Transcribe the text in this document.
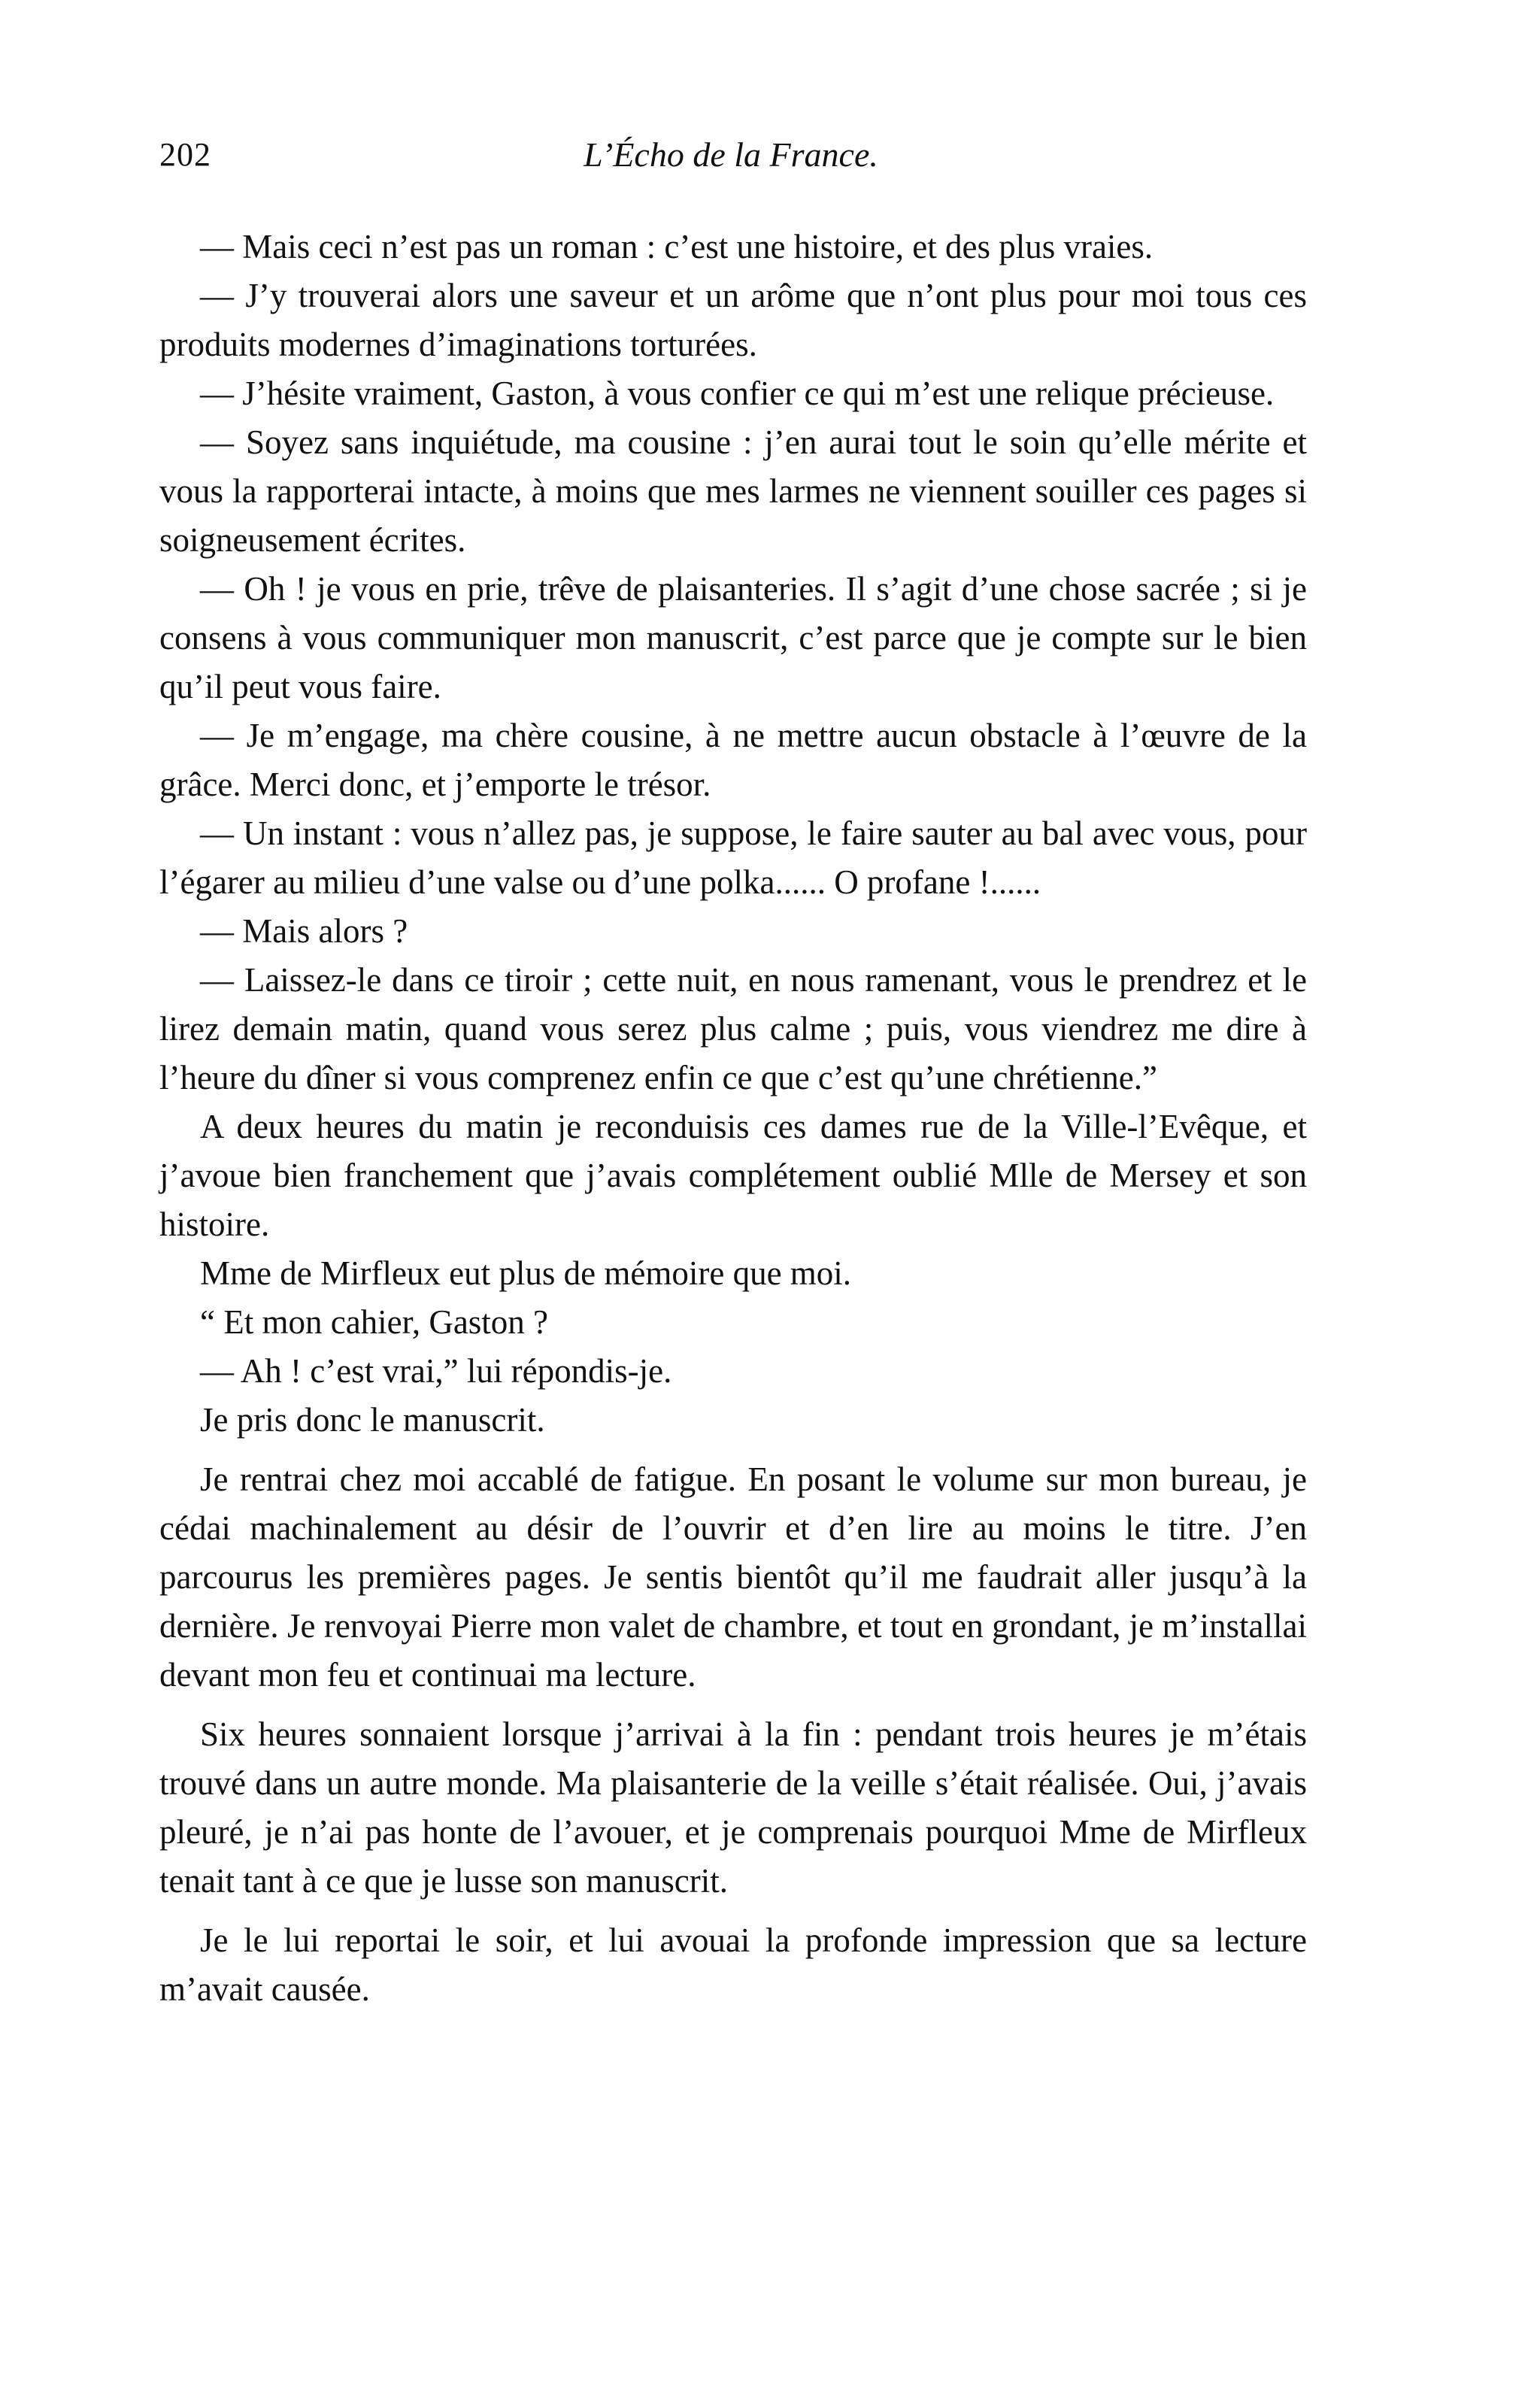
202	L’Écho de la France.

— Mais ceci n’est pas un roman : c’est une histoire, et des plus vraies.

— J’y trouverai alors une saveur et un arôme que n’ont plus pour moi tous ces produits modernes d’imaginations torturées.

— J’hésite vraiment, Gaston, à vous confier ce qui m’est une relique précieuse.

— Soyez sans inquiétude, ma cousine : j’en aurai tout le soin qu’elle mérite et vous la rapporterai intacte, à moins que mes larmes ne viennent souiller ces pages si soigneusement écrites.

— Oh ! je vous en prie, trêve de plaisanteries. Il s’agit d’une chose sacrée ; si je consens à vous communiquer mon manuscrit, c’est parce que je compte sur le bien qu’il peut vous faire.

— Je m’engage, ma chère cousine, à ne mettre aucun obstacle à l’œuvre de la grâce. Merci donc, et j’emporte le trésor.

— Un instant : vous n’allez pas, je suppose, le faire sauter au bal avec vous, pour l’égarer au milieu d’une valse ou d’une polka...... O profane !......

— Mais alors ?

— Laissez-le dans ce tiroir ; cette nuit, en nous ramenant, vous le prendrez et le lirez demain matin, quand vous serez plus calme ; puis, vous viendrez me dire à l’heure du dîner si vous comprenez enfin ce que c’est qu’une chrétienne.”

A deux heures du matin je reconduisis ces dames rue de la Ville-l’Evêque, et j’avoue bien franchement que j’avais complétement oublié Mlle de Mersey et son histoire.

Mme de Mirfleux eut plus de mémoire que moi.

“ Et mon cahier, Gaston ?

— Ah ! c’est vrai,” lui répondis-je.

Je pris donc le manuscrit.

Je rentrai chez moi accablé de fatigue. En posant le volume sur mon bureau, je cédai machinalement au désir de l’ouvrir et d’en lire au moins le titre. J’en parcourus les premières pages. Je sentis bientôt qu’il me faudrait aller jusqu’à la dernière. Je renvoyai Pierre mon valet de chambre, et tout en grondant, je m’installai devant mon feu et continuai ma lecture.

Six heures sonnaient lorsque j’arrivai à la fin : pendant trois heures je m’étais trouvé dans un autre monde. Ma plaisanterie de la veille s’était réalisée. Oui, j’avais pleuré, je n’ai pas honte de l’avouer, et je comprenais pourquoi Mme de Mirfleux tenait tant à ce que je lusse son manuscrit.

Je le lui reportai le soir, et lui avouai la profonde impression que sa lecture m’avait causée.
